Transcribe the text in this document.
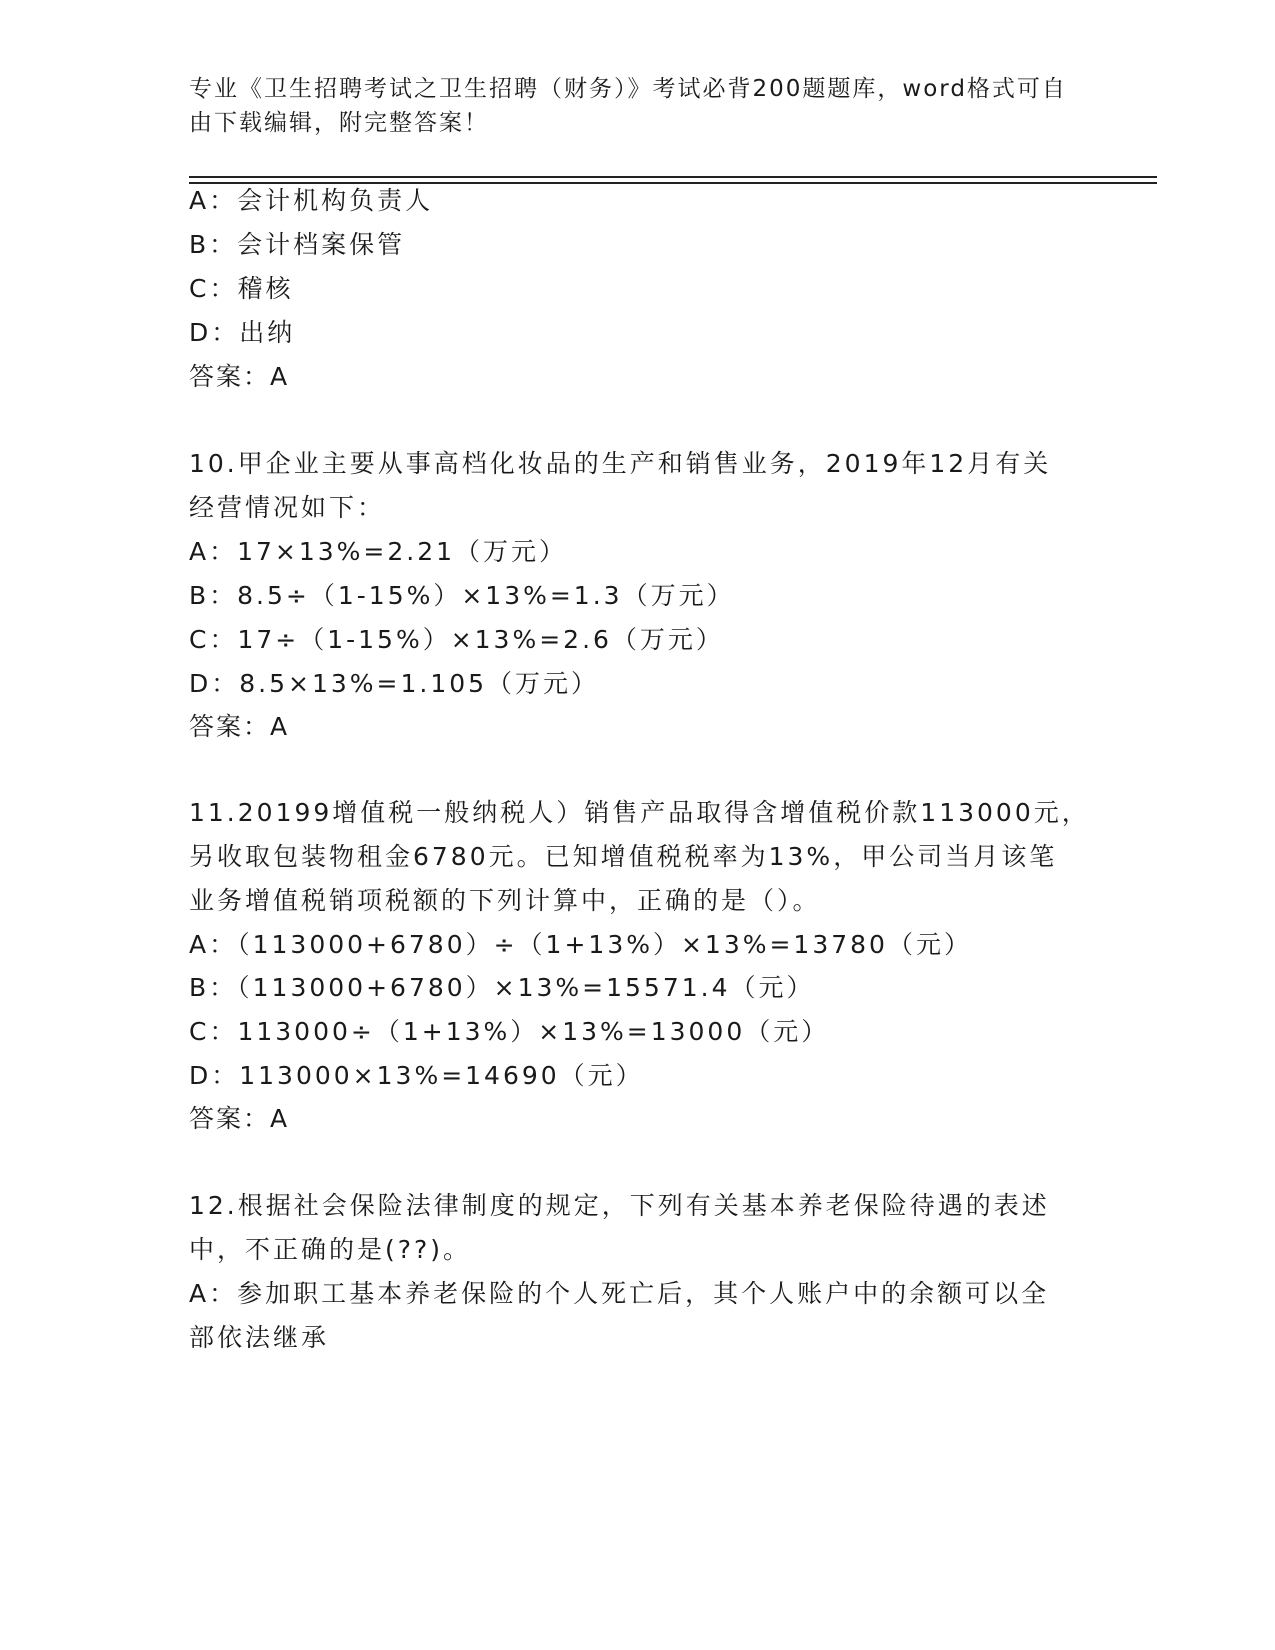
专业《卫生招聘考试之卫生招聘（财务）》考试必背200题题库，word格式可自
由下载编辑，附完整答案！
A：会计机构负责人
B：会计档案保管
C：稽核
D：出纳
答案：A
10.甲企业主要从事高档化妆品的生产和销售业务，2019年12月有关
经营情况如下：
A：17×13%=2.21（万元）
B：8.5÷（1-15%）×13%=1.3（万元）
C：17÷（1-15%）×13%=2.6（万元）
D：8.5×13%=1.105（万元）
答案：A
11.20199增值税一般纳税人）销售产品取得含增值税价款113000元，
另收取包装物租金6780元。已知增值税税率为13%，甲公司当月该笔
业务增值税销项税额的下列计算中，正确的是（）。
A：（113000+6780）÷（1+13%）×13%=13780（元）
B：（113000+6780）×13%=15571.4（元）
C：113000÷（1+13%）×13%=13000（元）
D：113000×13%=14690（元）
答案：A
12.根据社会保险法律制度的规定，下列有关基本养老保险待遇的表述
中，不正确的是(??)。
A：参加职工基本养老保险的个人死亡后，其个人账户中的余额可以全
部依法继承
